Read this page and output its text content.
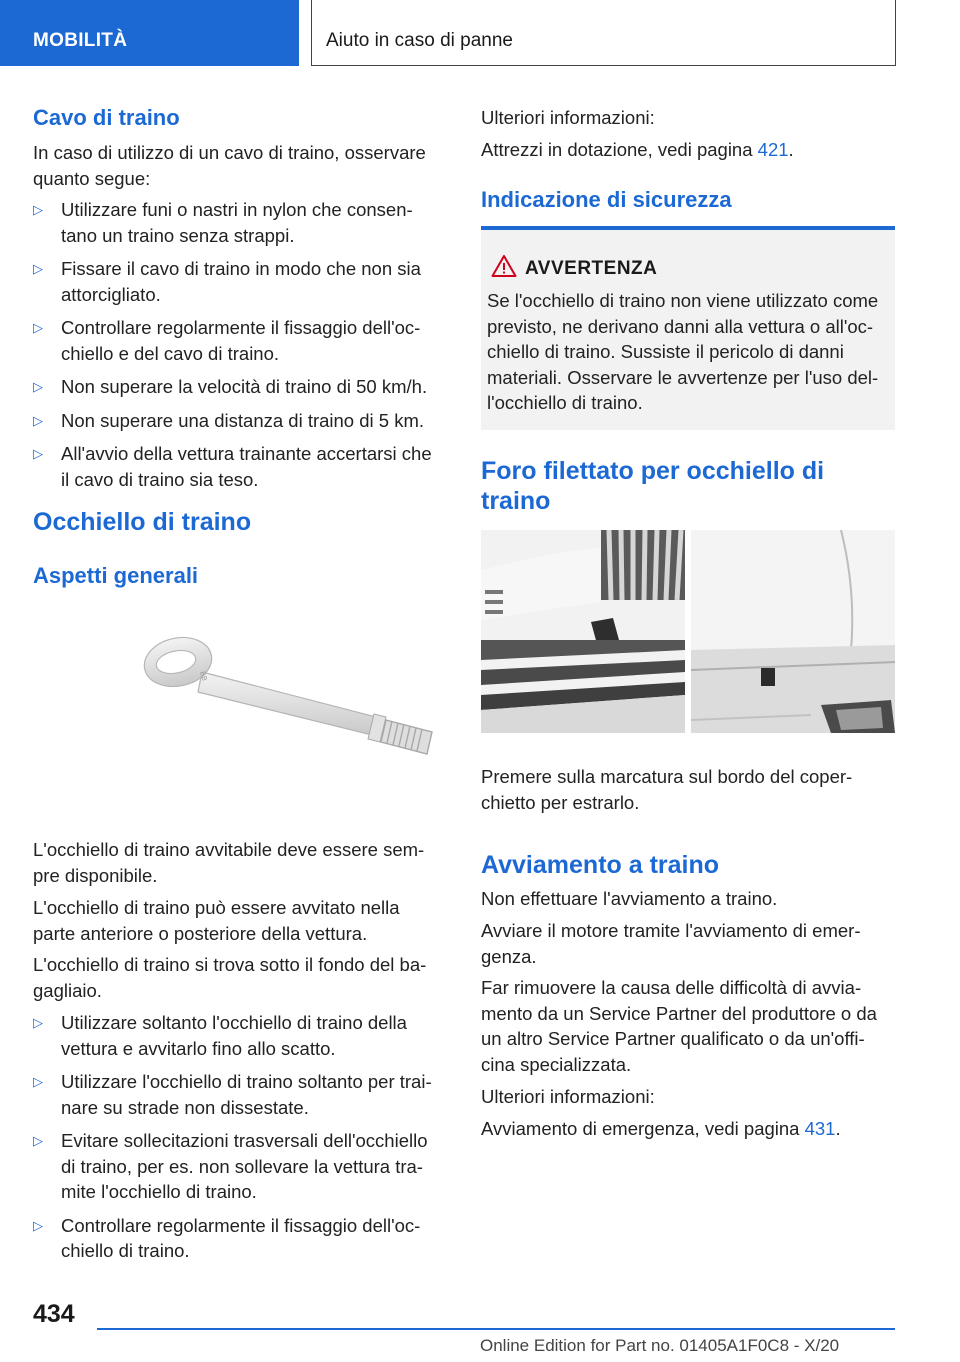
MOBILITÀ	Aiuto in caso di panne
Cavo di traino
In caso di utilizzo di un cavo di traino, osservare
quanto segue:
▷ Utilizzare funi o nastri in nylon che consen-
tano un traino senza strappi.
▷ Fissare il cavo di traino in modo che non sia
attorcigliato.
▷ Controllare regolarmente il fissaggio dell'oc-
chiello e del cavo di traino.
▷ Non superare la velocità di traino di 50 km/h.
▷ Non superare una distanza di traino di 5 km.
▷ All'avvio della vettura trainante accertarsi che
il cavo di traino sia teso.
Occhiello di traino
Aspetti generali
BB
L'occhiello di traino avvitabile deve essere sem-
pre disponibile.
L'occhiello di traino può essere avvitato nella
parte anteriore o posteriore della vettura.
L'occhiello di traino si trova sotto il fondo del ba-
gagliaio.
▷ Utilizzare soltanto l'occhiello di traino della
vettura e avvitarlo fino allo scatto.
▷ Utilizzare l'occhiello di traino soltanto per trai-
nare su strade non dissestate.
▷ Evitare sollecitazioni trasversali dell'occhiello
di traino, per es. non sollevare la vettura tra-
mite l'occhiello di traino.
▷ Controllare regolarmente il fissaggio dell'oc-
chiello di traino.
Ulteriori informazioni:
Attrezzi in dotazione, vedi pagina 421.
Indicazione di sicurezza
AVVERTENZA
Se l'occhiello di traino non viene utilizzato come
previsto, ne derivano danni alla vettura o all'oc-
chiello di traino. Sussiste il pericolo di danni
materiali. Osservare le avvertenze per l'uso del-
l'occhiello di traino.
Foro filettato per occhiello di
traino
Premere sulla marcatura sul bordo del coper-
chietto per estrarlo.
Avviamento a traino
Non effettuare l'avviamento a traino.
Avviare il motore tramite l'avviamento di emer-
genza.
Far rimuovere la causa delle difficoltà di avvia-
mento da un Service Partner del produttore o da
un altro Service Partner qualificato o da un'offi-
cina specializzata.
Ulteriori informazioni:
Avviamento di emergenza, vedi pagina 431.
434
Online Edition for Part no. 01405A1F0C8 - X/20
